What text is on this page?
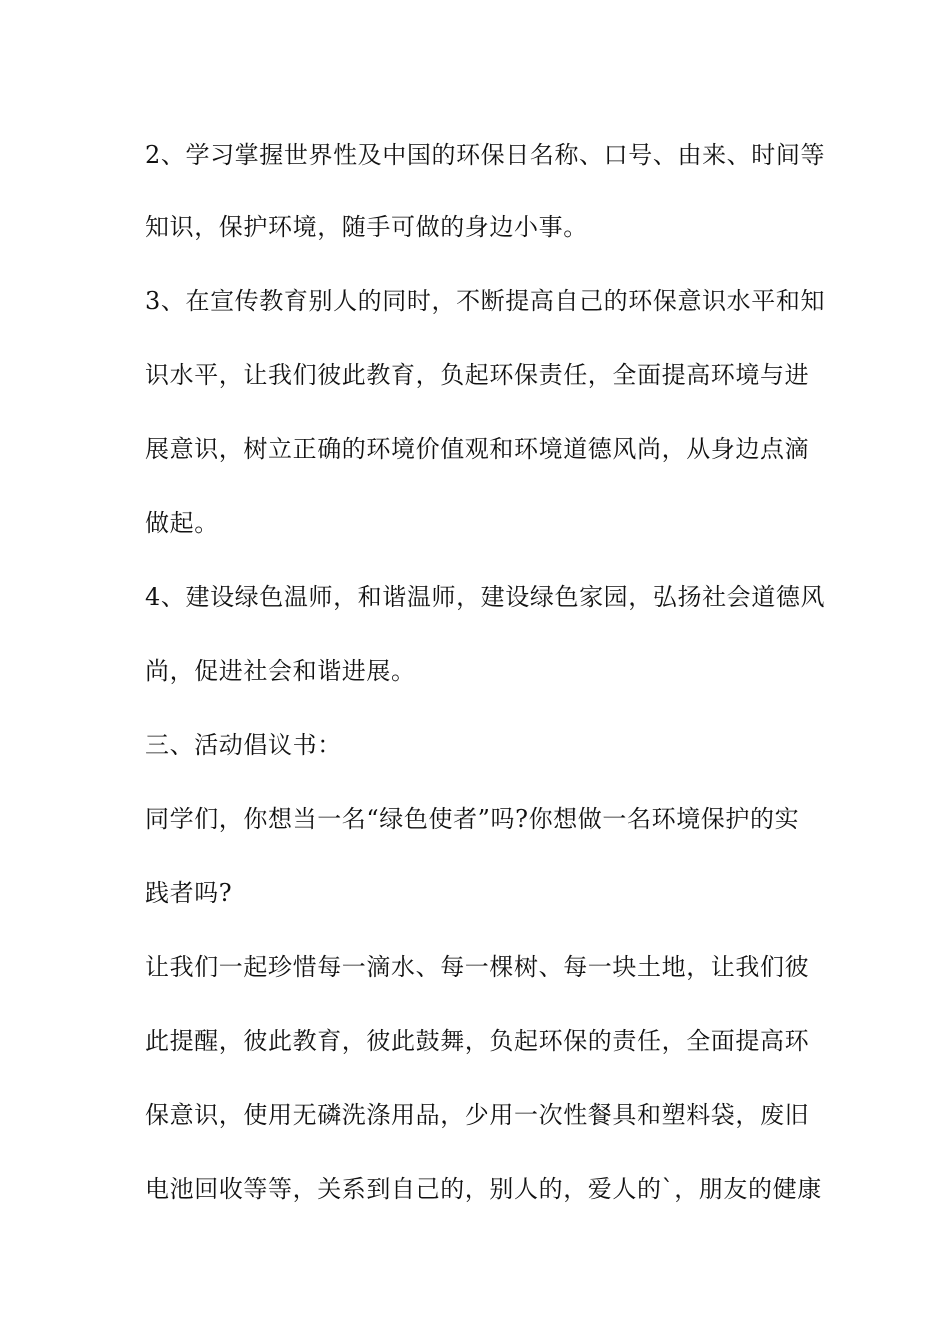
2、学习掌握世界性及中国的环保日名称、口号、由来、时间等
知识，保护环境，随手可做的身边小事。
3、在宣传教育别人的同时，不断提高自己的环保意识水平和知
识水平，让我们彼此教育，负起环保责任，全面提高环境与进
展意识，树立正确的环境价值观和环境道德风尚，从身边点滴
做起。
4、建设绿色温师，和谐温师，建设绿色家园，弘扬社会道德风
尚，促进社会和谐进展。
三、活动倡议书：
同学们，你想当一名“绿色使者”吗?你想做一名环境保护的实
践者吗?
让我们一起珍惜每一滴水、每一棵树、每一块土地，让我们彼
此提醒，彼此教育，彼此鼓舞，负起环保的责任，全面提高环
保意识，使用无磷洗涤用品，少用一次性餐具和塑料袋，废旧
电池回收等等，关系到自己的，别人的，爱人的`，朋友的健康
